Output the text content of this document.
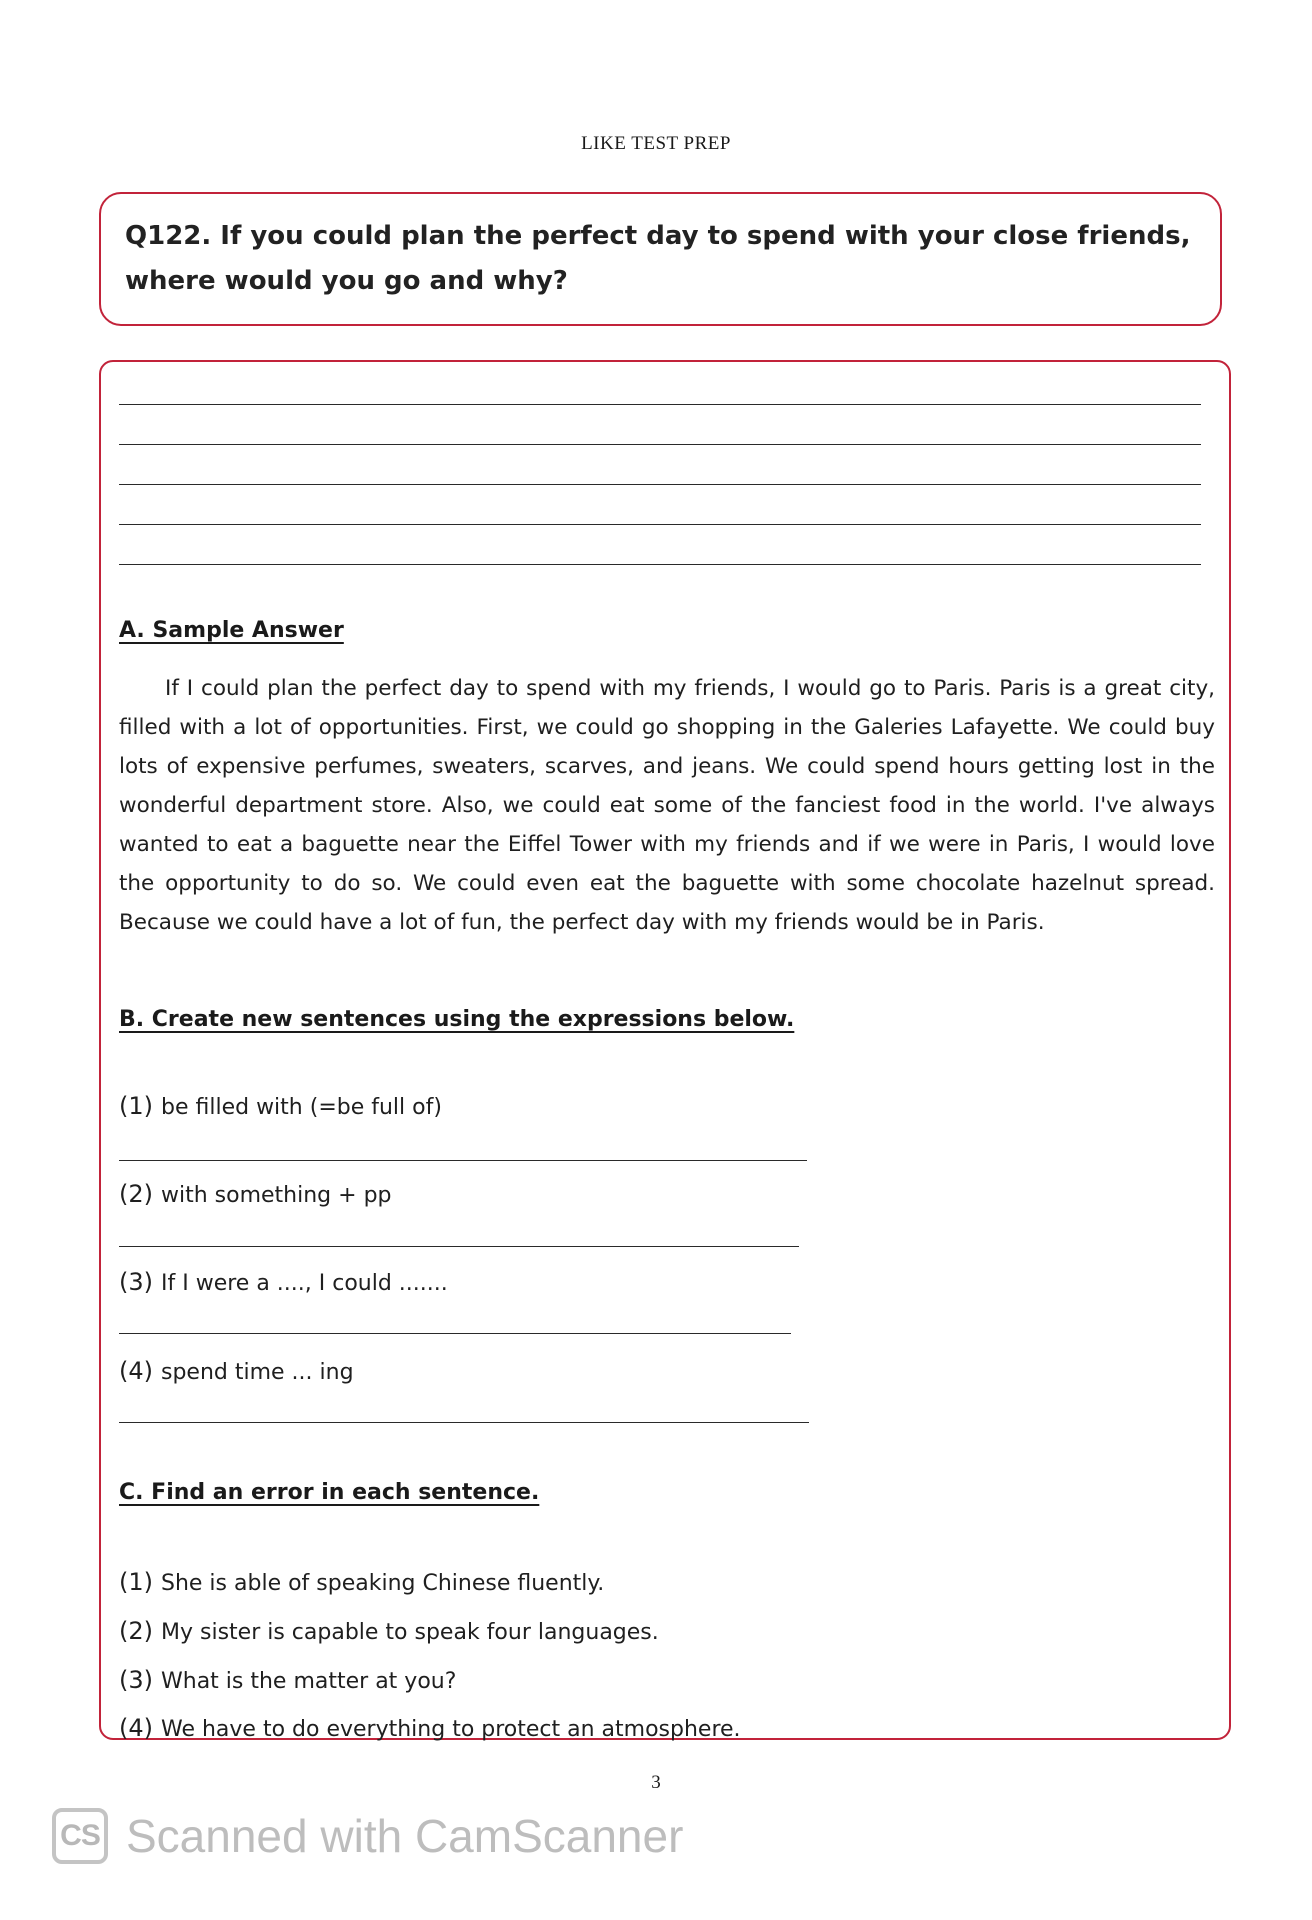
LIKE TEST PREP
Q122. If you could plan the perfect day to spend with your close friends, where would you go and why?
A. Sample Answer
If I could plan the perfect day to spend with my friends, I would go to Paris. Paris is a great city, filled with a lot of opportunities. First, we could go shopping in the Galeries Lafayette. We could buy lots of expensive perfumes, sweaters, scarves, and jeans. We could spend hours getting lost in the wonderful department store. Also, we could eat some of the fanciest food in the world. I've always wanted to eat a baguette near the Eiffel Tower with my friends and if we were in Paris, I would love the opportunity to do so. We could even eat the baguette with some chocolate hazelnut spread. Because we could have a lot of fun, the perfect day with my friends would be in Paris.
B. Create new sentences using the expressions below.
(1) be filled with (=be full of)
(2) with something + pp
(3) If I were a ...., I could .......
(4) spend time ... ing
C. Find an error in each sentence.
(1) She is able of speaking Chinese fluently.
(2) My sister is capable to speak four languages.
(3) What is the matter at you?
(4) We have to do everything to protect an atmosphere.
3
CS Scanned with CamScanner
